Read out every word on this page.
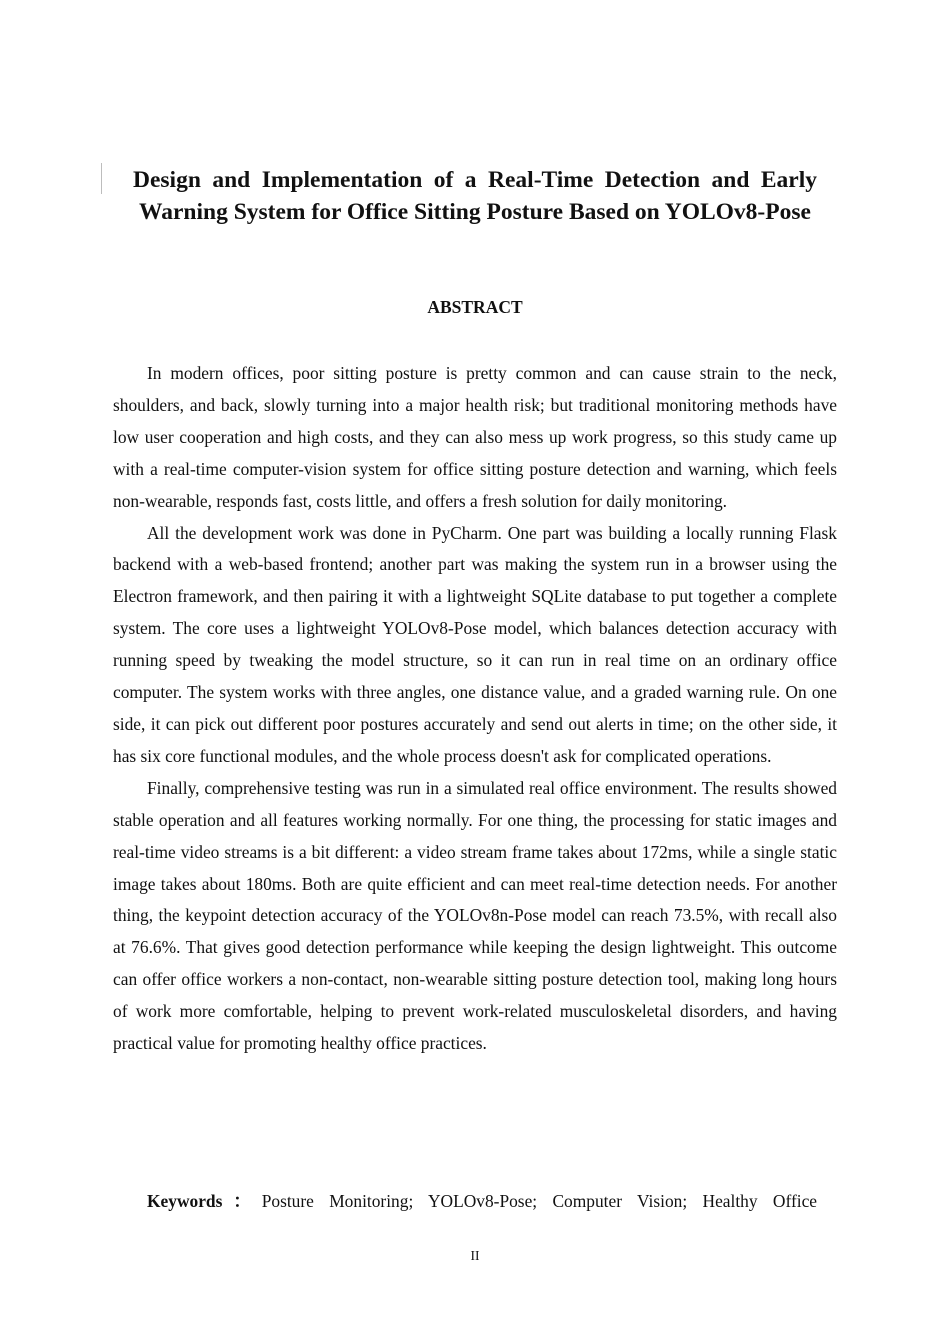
Design and Implementation of a Real-Time Detection and Early Warning System for Office Sitting Posture Based on YOLOv8-Pose
ABSTRACT

In modern offices, poor sitting posture is pretty common and can cause strain to the neck, shoulders, and back, slowly turning into a major health risk; but traditional monitoring methods have low user cooperation and high costs, and they can also mess up work progress, so this study came up with a real-time computer-vision system for office sitting posture detection and warning, which feels non-wearable, responds fast, costs little, and offers a fresh solution for daily monitoring.

All the development work was done in PyCharm. One part was building a locally running Flask backend with a web-based frontend; another part was making the system run in a browser using the Electron framework, and then pairing it with a lightweight SQLite database to put together a complete system. The core uses a lightweight YOLOv8-Pose model, which balances detection accuracy with running speed by tweaking the model structure, so it can run in real time on an ordinary office computer. The system works with three angles, one distance value, and a graded warning rule. On one side, it can pick out different poor postures accurately and send out alerts in time; on the other side, it has six core functional modules, and the whole process doesn't ask for complicated operations.

Finally, comprehensive testing was run in a simulated real office environment. The results showed stable operation and all features working normally. For one thing, the processing for static images and real-time video streams is a bit different: a video stream frame takes about 172ms, while a single static image takes about 180ms. Both are quite efficient and can meet real-time detection needs. For another thing, the keypoint detection accuracy of the YOLOv8n-Pose model can reach 73.5%, with recall also at 76.6%. That gives good detection performance while keeping the design lightweight. This outcome can offer office workers a non-contact, non-wearable sitting posture detection tool, making long hours of work more comfortable, helping to prevent work-related musculoskeletal disorders, and having practical value for promoting healthy office practices.

Keywords：Posture Monitoring; YOLOv8-Pose; Computer Vision; Healthy Office

II
